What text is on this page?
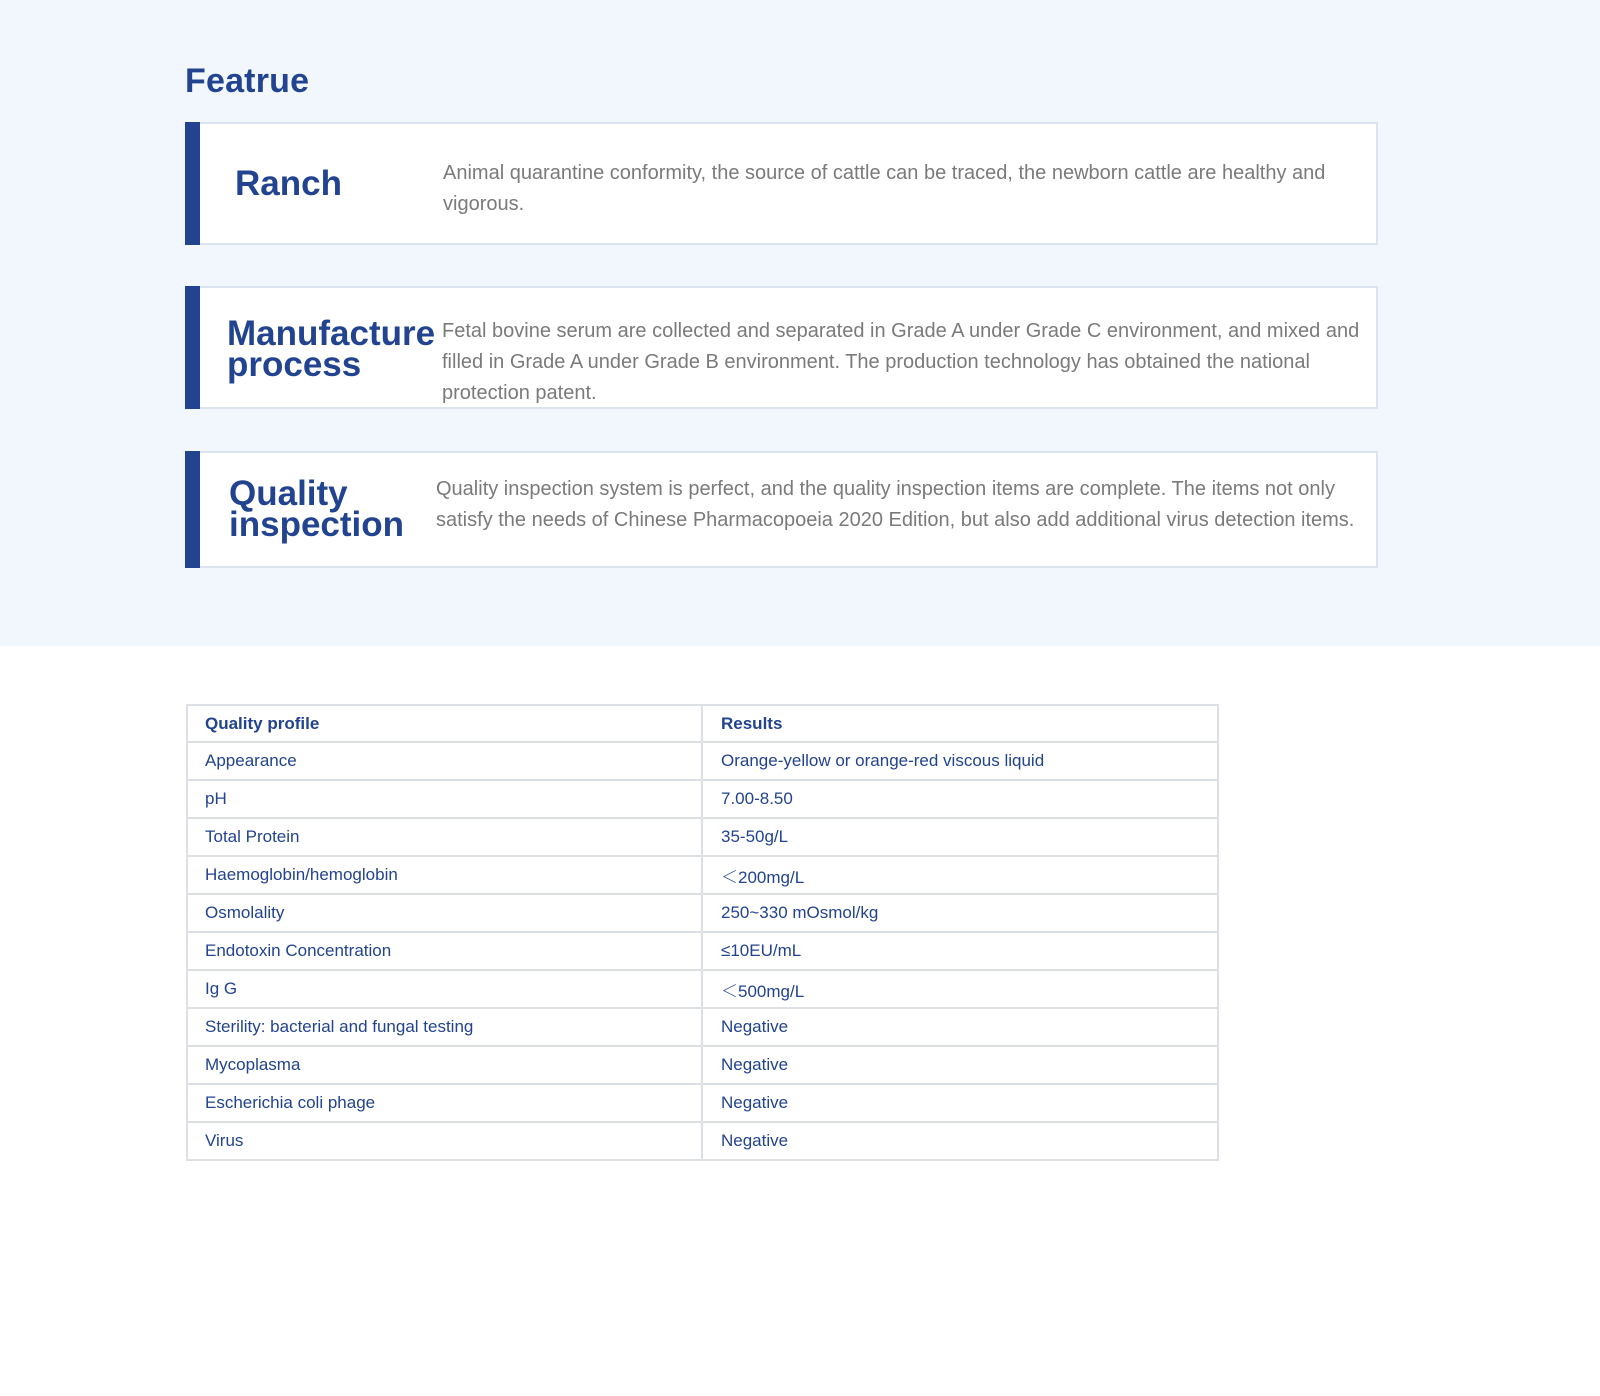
Featrue
Ranch	Animal quarantine conformity, the source of cattle can be traced, the newborn cattle are healthy and vigorous.

Manufacture
process

Fetal bovine serum are collected and separated in Grade A under Grade C environment, and mixed and filled in Grade A under Grade B environment. The production technology has obtained the national protection patent.

Quality
inspection

Quality inspection system is perfect, and the quality inspection items are complete. The items not only satisfy the needs of Chinese Pharmacopoeia 2020 Edition, but also add additional virus detection items.

Quality profile	Results
Appearance	Orange-yellow or orange-red viscous liquid
pH	7.00-8.50
Total Protein	35-50g/L
Haemoglobin/hemoglobin	＜200mg/L
Osmolality	250~330 mOsmol/kg
Endotoxin Concentration	≤10EU/mL
Ig G	＜500mg/L
Sterility: bacterial and fungal testing	Negative
Mycoplasma	Negative
Escherichia coli phage	Negative
Virus	Negative
